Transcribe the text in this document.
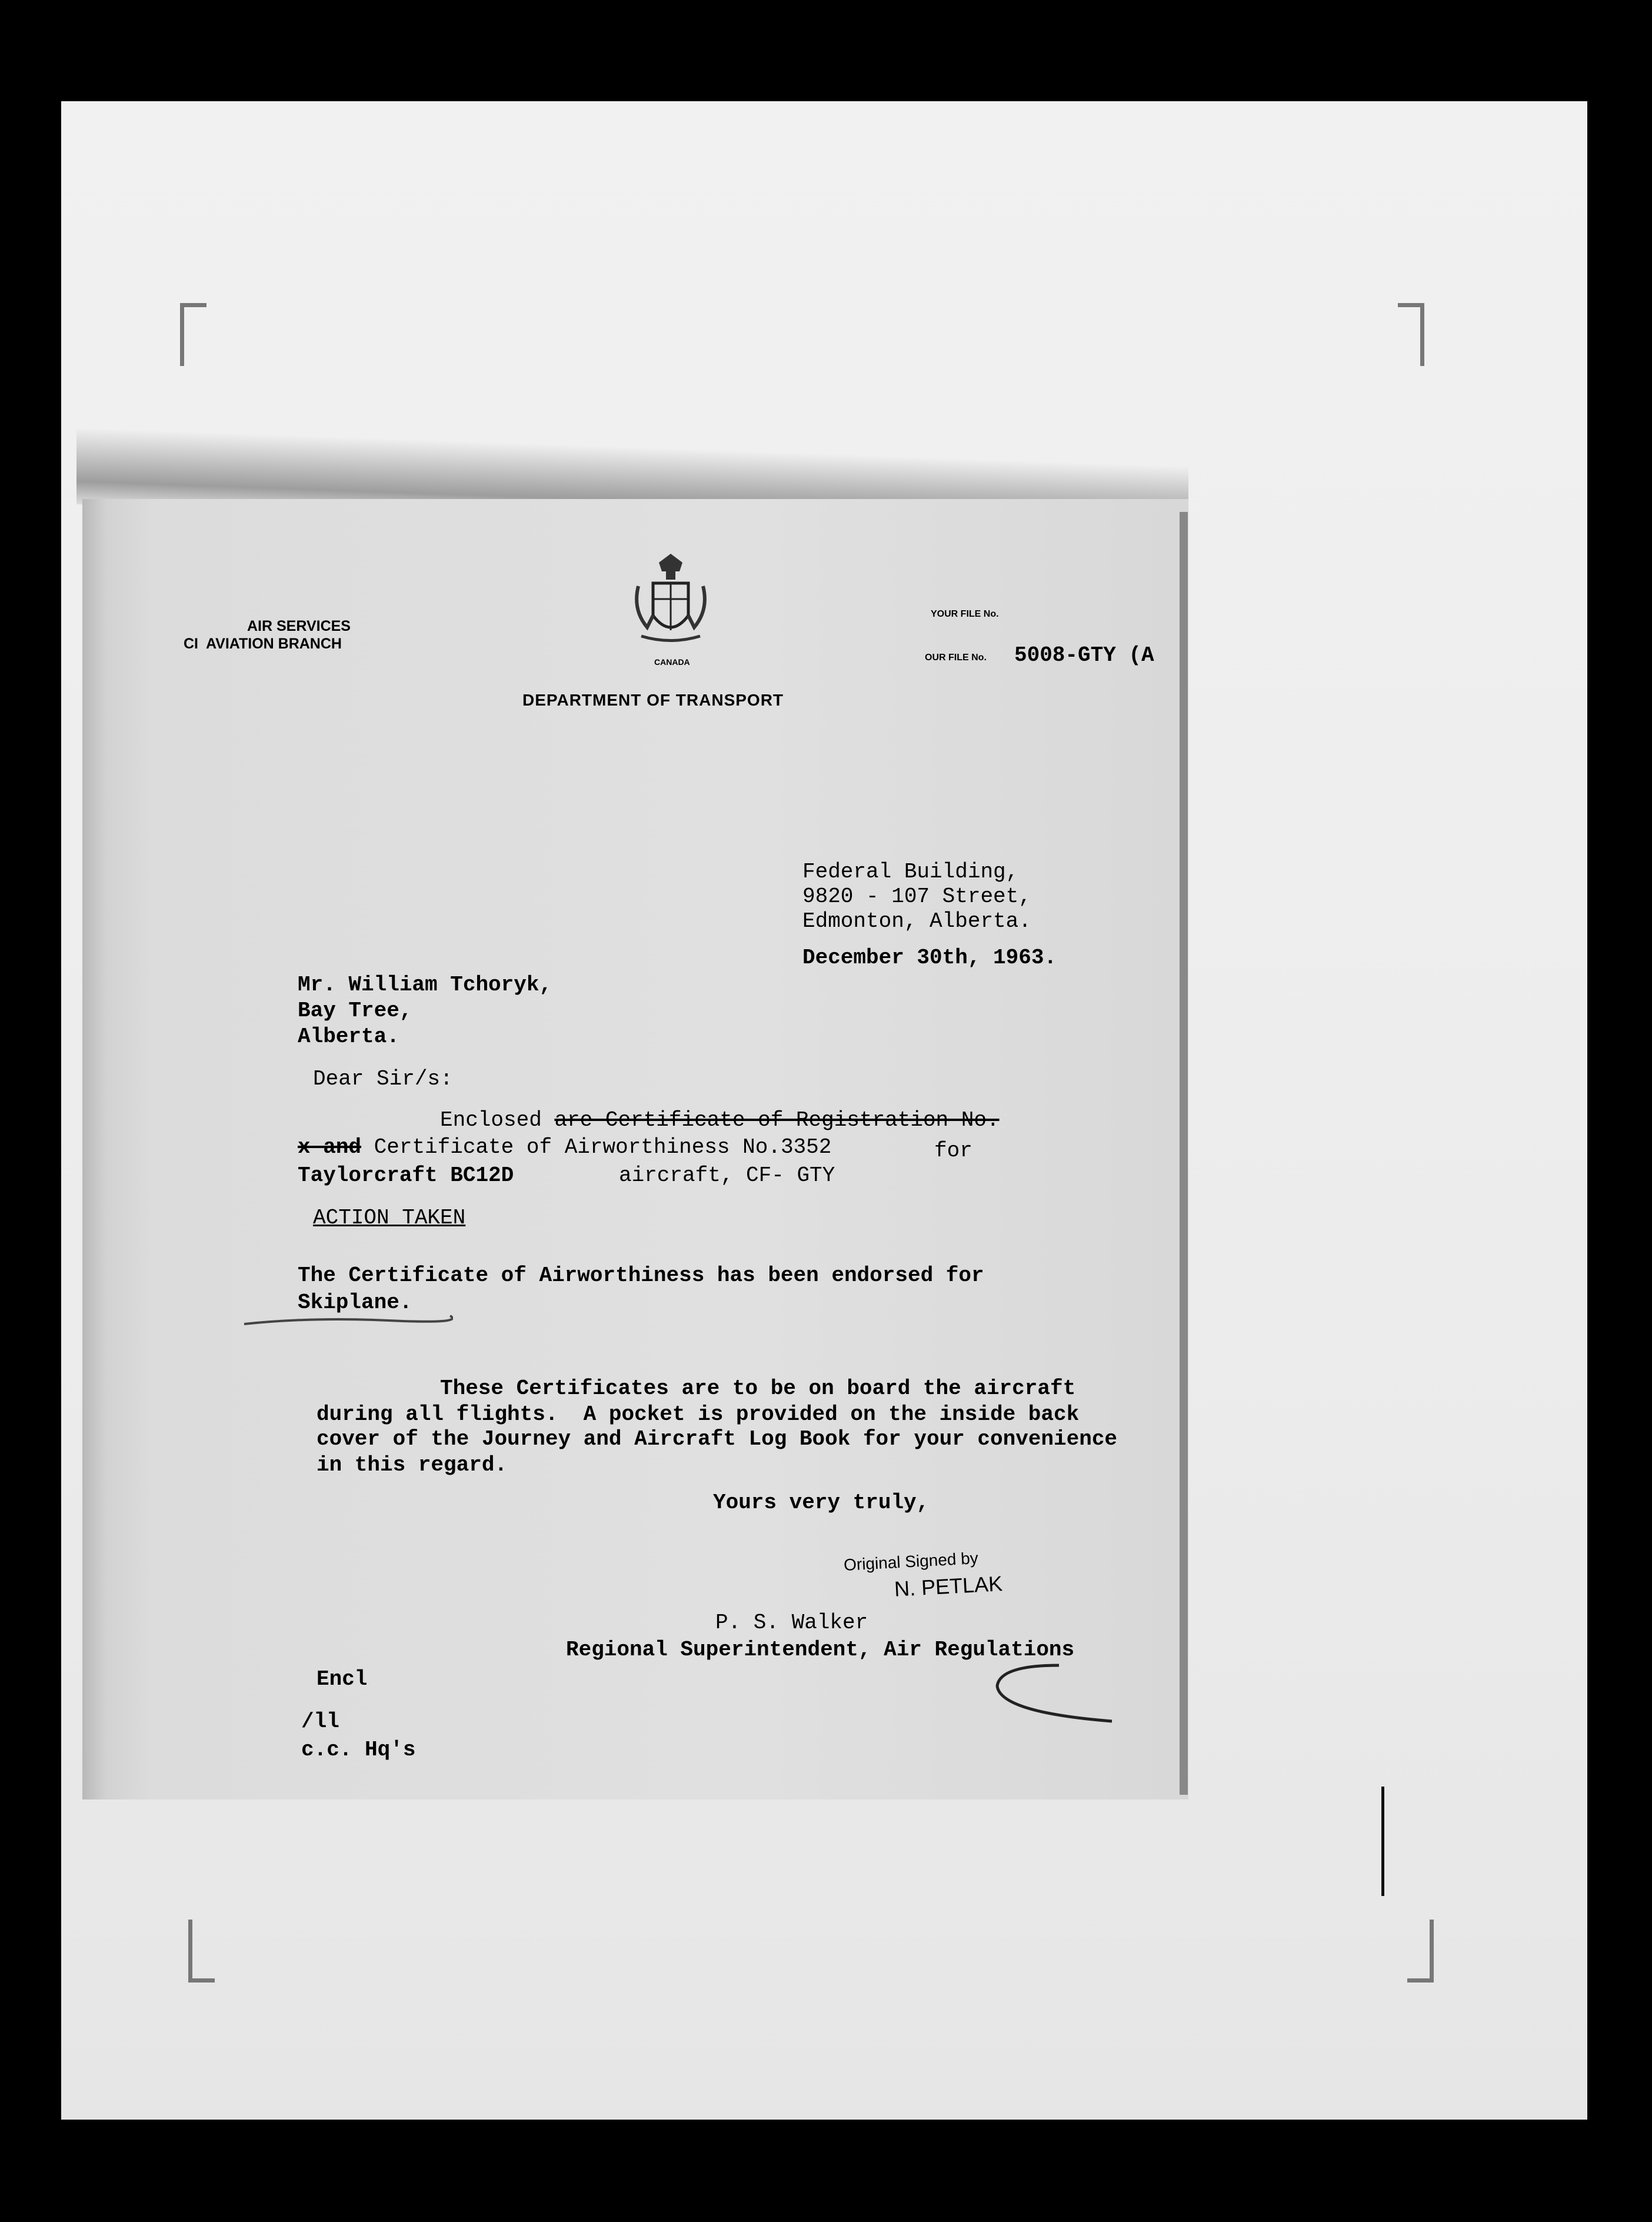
AIR SERVICES
CI  AVIATION BRANCH
CANADA
DEPARTMENT OF TRANSPORT
YOUR FILE No.
OUR FILE No. 5008-GTY (A
Federal Building,
9820 - 107 Street,
Edmonton, Alberta.
December 30th, 1963.
Mr. William Tchoryk,
Bay Tree,
Alberta.
Dear Sir/s:
Enclosed are Certificate of Registration No.
x and Certificate of Airworthiness No.3352	for
Taylorcraft BC12D	aircraft, CF- GTY
ACTION TAKEN
The Certificate of Airworthiness has been endorsed for
Skiplane.
These Certificates are to be on board the aircraft
during all flights.  A pocket is provided on the inside back
cover of the Journey and Aircraft Log Book for your convenience
in this regard.
Yours very truly,
Original Signed by
N. PETLAK
P. S. Walker
Regional Superintendent, Air Regulations
Encl
/ll
c.c. Hq's
